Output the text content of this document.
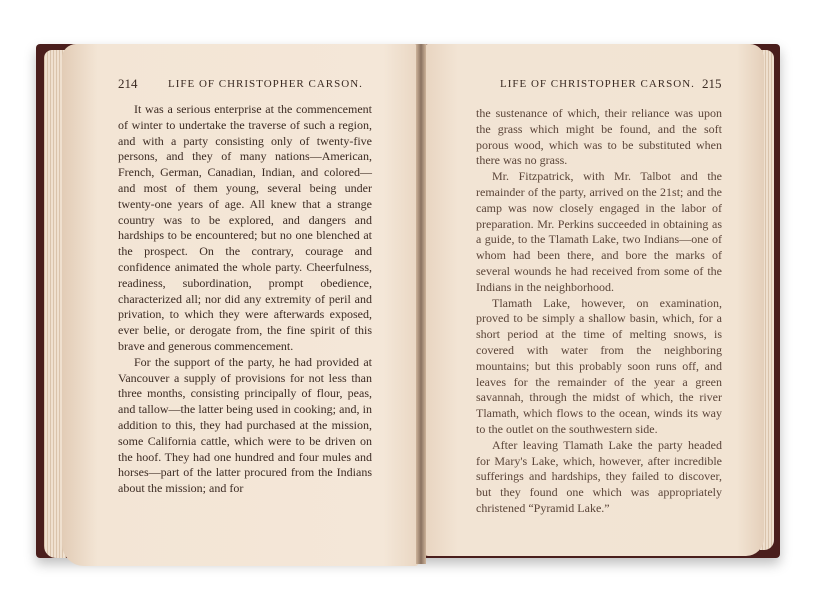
214	LIFE OF CHRISTOPHER CARSON.	LIFE OF CHRISTOPHER CARSON. 215

It was a serious enterprise at the commencement of winter to undertake the traverse of such a region, and with a party consisting only of twenty-five persons, and they of many nations—American, French, German, Canadian, Indian, and colored—and most of them young, several being under twenty-one years of age. All knew that a strange country was to be explored, and dangers and hardships to be encountered; but no one blenched at the prospect. On the contrary, courage and confidence animated the whole party. Cheerfulness, readiness, subordination, prompt obedience, characterized all; nor did any extremity of peril and privation, to which they were afterwards exposed, ever belie, or derogate from, the fine spirit of this brave and generous commencement.

For the support of the party, he had provided at Vancouver a supply of provisions for not less than three months, consisting principally of flour, peas, and tallow—the latter being used in cooking; and, in addition to this, they had purchased at the mission, some California cattle, which were to be driven on the hoof. They had one hundred and four mules and horses—part of the latter procured from the Indians about the mission; and for

the sustenance of which, their reliance was upon the grass which might be found, and the soft porous wood, which was to be substituted when there was no grass.

Mr. Fitzpatrick, with Mr. Talbot and the remainder of the party, arrived on the 21st; and the camp was now closely engaged in the labor of preparation. Mr. Perkins succeeded in obtaining as a guide, to the Tlamath Lake, two Indians—one of whom had been there, and bore the marks of several wounds he had received from some of the Indians in the neighborhood.

Tlamath Lake, however, on examination, proved to be simply a shallow basin, which, for a short period at the time of melting snows, is covered with water from the neighboring mountains; but this probably soon runs off, and leaves for the remainder of the year a green savannah, through the midst of which, the river Tlamath, which flows to the ocean, winds its way to the outlet on the southwestern side.

After leaving Tlamath Lake the party headed for Mary's Lake, which, however, after incredible sufferings and hardships, they failed to discover, but they found one which was appropriately christened “Pyramid Lake.”
